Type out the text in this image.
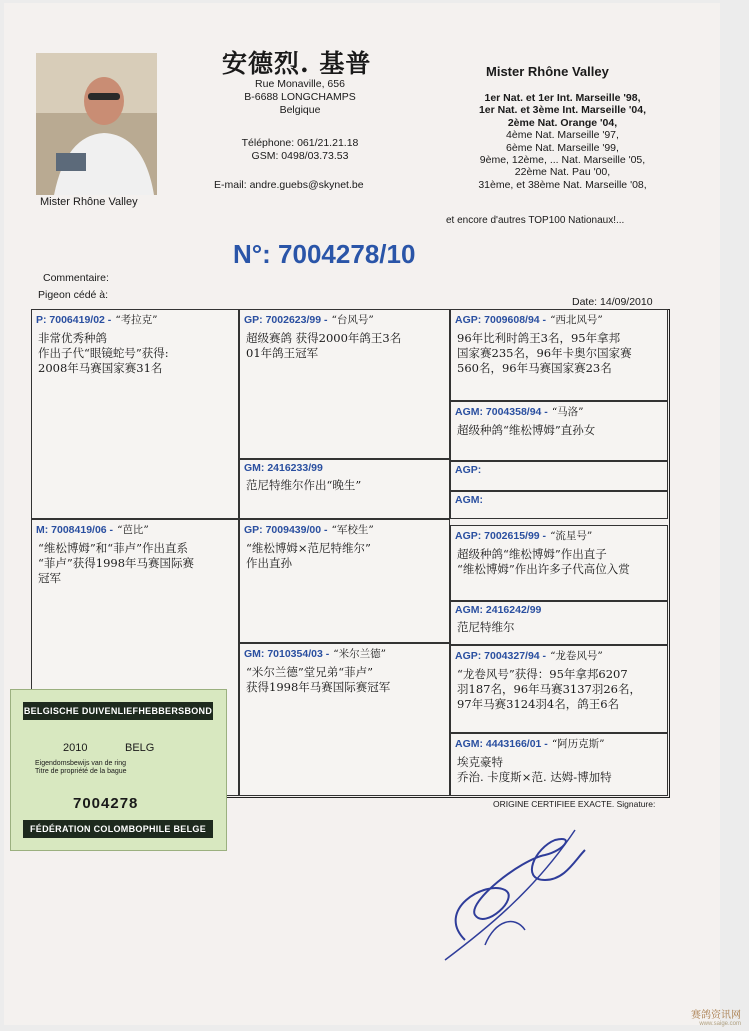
Mister Rhône Valley
安德烈. 基普
Rue Monaville, 656
B-6688 LONGCHAMPS
Belgique
Téléphone: 061/21.21.18
GSM: 0498/03.73.53
E-mail: andre.guebs@skynet.be
Mister Rhône Valley
1er Nat. et 1er Int. Marseille '98,
1er Nat. et 3ème Int. Marseille '04,
2ème Nat. Orange '04,
4ème Nat. Marseille '97,
6ème Nat. Marseille '99,
9ème, 12ème, ... Nat. Marseille '05,
22ème Nat. Pau '00,
31ème, et 38ème Nat. Marseille '08,
et encore d'autres TOP100 Nationaux!...
N°: 7004278/10
Commentaire:
Pigeon cédé à:
Date: 14/09/2010
P: 7006419/02 - “考拉克”
非常优秀种鸽
作出子代“眼镜蛇号”获得:
2008年马赛国家赛31名
GP: 7002623/99 - “台风号”
超级赛鸽 获得2000年鸽王3名
01年鸽王冠军
AGP: 7009608/94 - “西北风号”
96年比利时鸽王3名，95年拿邦
国家赛235名，96年卡奥尔国家赛
560名，96年马赛国家赛23名
AGM: 7004358/94 - “马洛”
超级种鸽“维松博姆”直孙女
GM: 2416233/99
范尼特维尔作出“晚生”
AGP:
AGM:
M: 7008419/06 - “芭比”
“维松博姆”和“菲卢”作出直系
“菲卢”获得1998年马赛国际赛
冠军
GP: 7009439/00 - “军校生”
“维松博姆×范尼特维尔”
作出直孙
AGP: 7002615/99 - “流星号”
超级种鸽“维松博姆”作出直子
“维松博姆”作出许多子代高位入赏
AGM: 2416242/99
范尼特维尔
GM: 7010354/03 - “米尔兰德”
“米尔兰德”堂兄弟“菲卢”
获得1998年马赛国际赛冠军
AGP: 7004327/94 - “龙卷风号”
“龙卷风号”获得：95年拿邦6207
羽187名，96年马赛3137羽26名，
97年马赛3124羽4名，鸽王6名
AGM: 4443166/01 - “阿历克斯”
埃克豪特
乔治. 卡度斯×范. 达姆-博加特
ORIGINE CERTIFIEE EXACTE. Signature:
BELGISCHE DUIVENLIEFHEBBERSBOND
2010	BELG
Eigendomsbewijs van de ring
Titre de propriété de la bague
7004278
FÉDÉRATION COLOMBOPHILE BELGE
赛鸽资讯网
www.saige.com
